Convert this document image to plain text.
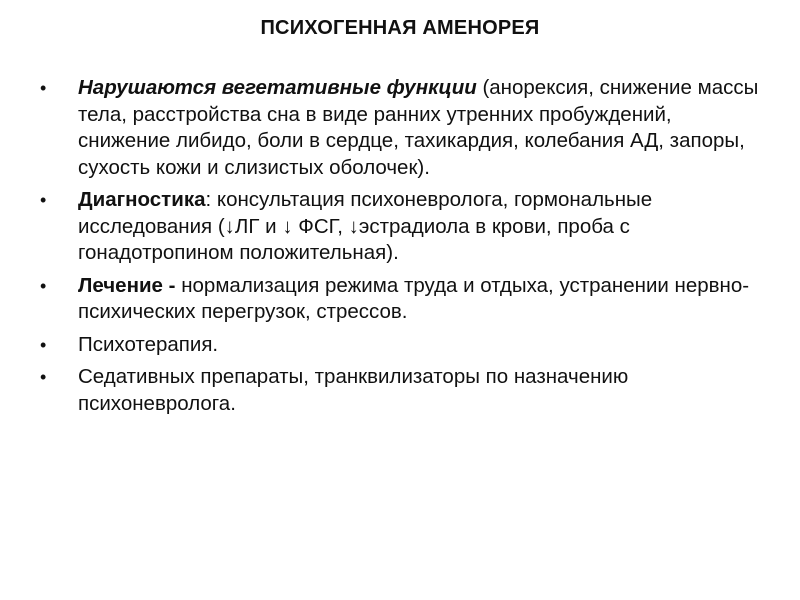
ПСИХОГЕННАЯ АМЕНОРЕЯ
• Нарушаются вегетативные функции (анорексия, снижение массы тела, расстройства сна в виде ранних утренних пробуждений, снижение либидо, боли в сердце, тахикардия, колебания АД, запоры, сухость кожи и слизистых оболочек).
• Диагностика: консультация психоневролога, гормональные исследования (↓ЛГ и ↓ ФСГ, ↓эстрадиола в крови, проба с гонадотропином положительная).
• Лечение - нормализация режима труда и отдыха, устранении нервно-психических перегрузок, стрессов.
• Психотерапия.
• Седативных препараты, транквилизаторы по назначению психоневролога.
